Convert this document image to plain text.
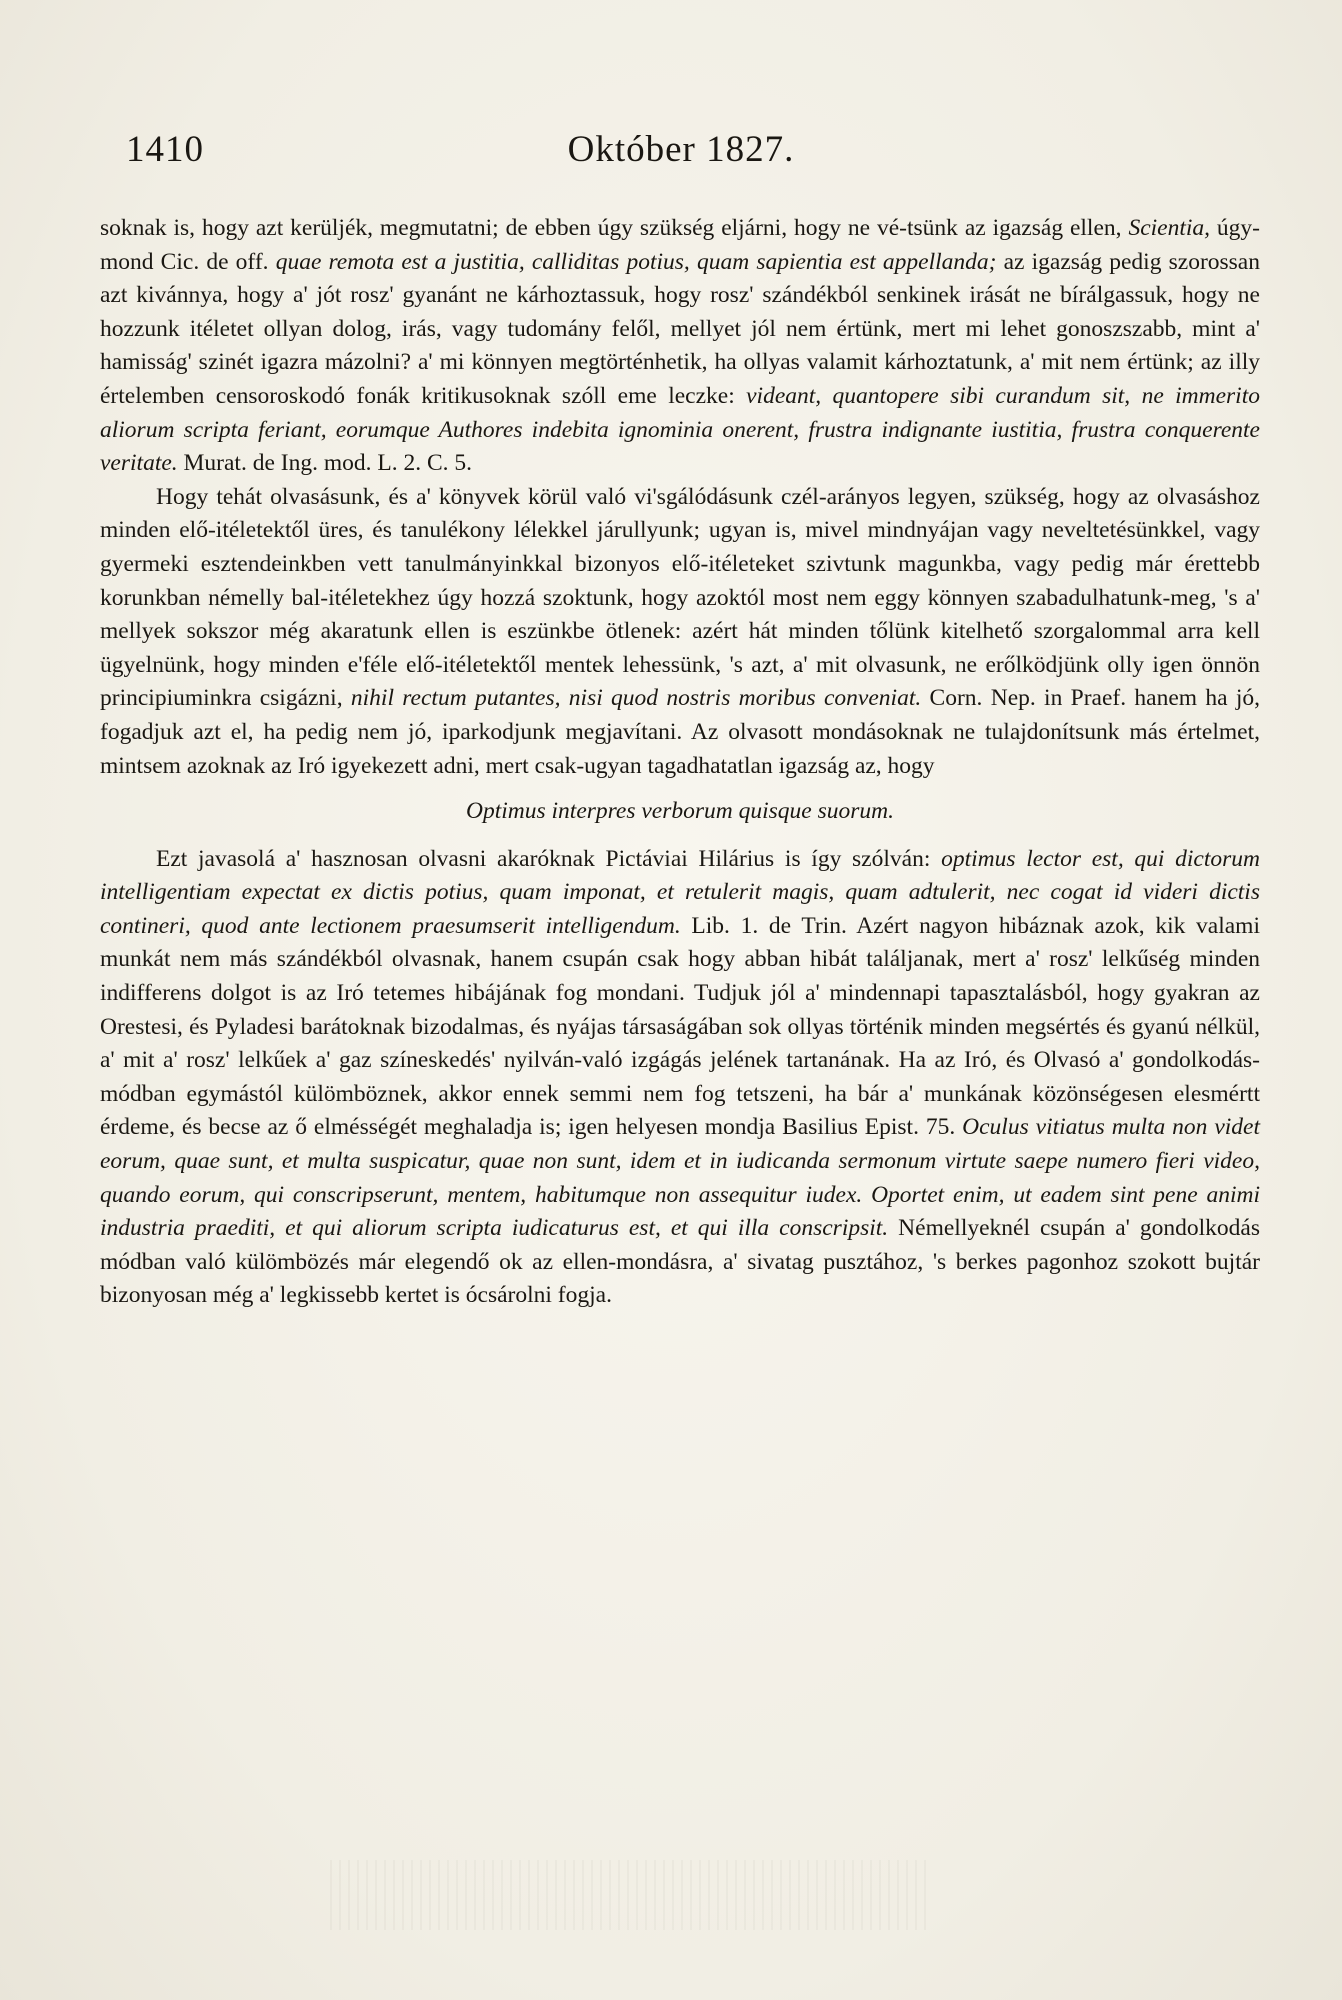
1410	Október 1827.

soknak is, hogy azt kerüljék, megmutatni; de ebben úgy szükség eljárni, hogy ne vé-tsünk az igazság ellen, Scientia, úgy-mond Cic. de off. quae remota est a justitia, calliditas potius, quam sapientia est appellanda; az igazság pedig szorossan azt kivánnya, hogy a' jót rosz' gyanánt ne kárhoztassuk, hogy rosz' szándékból senkinek irását ne bírálgassuk, hogy ne hozzunk itéletet ollyan dolog, irás, vagy tudomány felől, mellyet jól nem értünk, mert mi lehet gonoszszabb, mint a' hamisság' szinét igazra mázolni? a' mi könnyen megtörténhetik, ha ollyas valamit kárhoztatunk, a' mit nem értünk; az illy értelemben censoroskodó fonák kritikusoknak szóll eme leczke: videant, quantopere sibi curandum sit, ne immerito aliorum scripta feriant, eorumque Authores indebita ignominia onerent, frustra indignante iustitia, frustra conquerente veritate. Murat. de Ing. mod. L. 2. C. 5.

Hogy tehát olvasásunk, és a' könyvek körül való vi'sgálódásunk czél-arányos legyen, szükség, hogy az olvasáshoz minden elő-itéletektől üres, és tanulékony lélekkel járullyunk; ugyan is, mivel mindnyájan vagy neveltetésünkkel, vagy gyermeki esztendeinkben vett tanulmányinkkal bizonyos elő-itéleteket szivtunk magunkba, vagy pedig már érettebb korunkban némelly bal-itéletekhez úgy hozzá szoktunk, hogy azoktól most nem eggy könnyen szabadulhatunk-meg, 's a' mellyek sokszor még akaratunk ellen is eszünkbe ötlenek: azért hát minden tőlünk kitelhető szorgalommal arra kell ügyelnünk, hogy minden e'féle elő-itéletektől mentek lehessünk, 's azt, a' mit olvasunk, ne erőlködjünk olly igen önnön principiuminkra csigázni, nihil rectum putantes, nisi quod nostris moribus conveniat. Corn. Nep. in Praef. hanem ha jó, fogadjuk azt el, ha pedig nem jó, iparkodjunk megjavítani. Az olvasott mondásoknak ne tulajdonítsunk más értelmet, mintsem azoknak az Iró igyekezett adni, mert csak-ugyan tagadhatatlan igazság az, hogy

Optimus interpres verborum quisque suorum.

Ezt javasolá a' hasznosan olvasni akaróknak Pictáviai Hilárius is így szólván: optimus lector est, qui dictorum intelligentiam expectat ex dictis potius, quam imponat, et retulerit magis, quam adtulerit, nec cogat id videri dictis contineri, quod ante lectionem praesumserit intelligendum. Lib. 1. de Trin. Azért nagyon hibáznak azok, kik valami munkát nem más szándékból olvasnak, hanem csupán csak hogy abban hibát találjanak, mert a' rosz' lelkűség minden indifferens dolgot is az Iró tetemes hibájának fog mondani. Tudjuk jól a' mindennapi tapasztalásból, hogy gyakran az Orestesi, és Pyladesi barátoknak bizodalmas, és nyájas társaságában sok ollyas történik minden megsértés és gyanú nélkül, a' mit a' rosz' lelkűek a' gaz színeskedés' nyilván-való izgágás jelének tartanának. Ha az Iró, és Olvasó a' gondolkodás-módban egymástól külömböznek, akkor ennek semmi nem fog tetszeni, ha bár a' munkának közönségesen elesmértt érdeme, és becse az ő elmésségét meghaladja is; igen helyesen mondja Basilius Epist. 75. Oculus vitiatus multa non videt eorum, quae sunt, et multa suspicatur, quae non sunt, idem et in iudicanda sermonum virtute saepe numero fieri video, quando eorum, qui conscripserunt, mentem, habitumque non assequitur iudex. Oportet enim, ut eadem sint pene animi industria praediti, et qui aliorum scripta iudicaturus est, et qui illa conscripsit. Némellyeknél csupán a' gondolkodás módban való külömbözés már elegendő ok az ellen-mondásra, a' sivatag pusztához, 's berkes pagonhoz szokott bujtár bizonyosan még a' legkissebb kertet is ócsárolni fogja.
